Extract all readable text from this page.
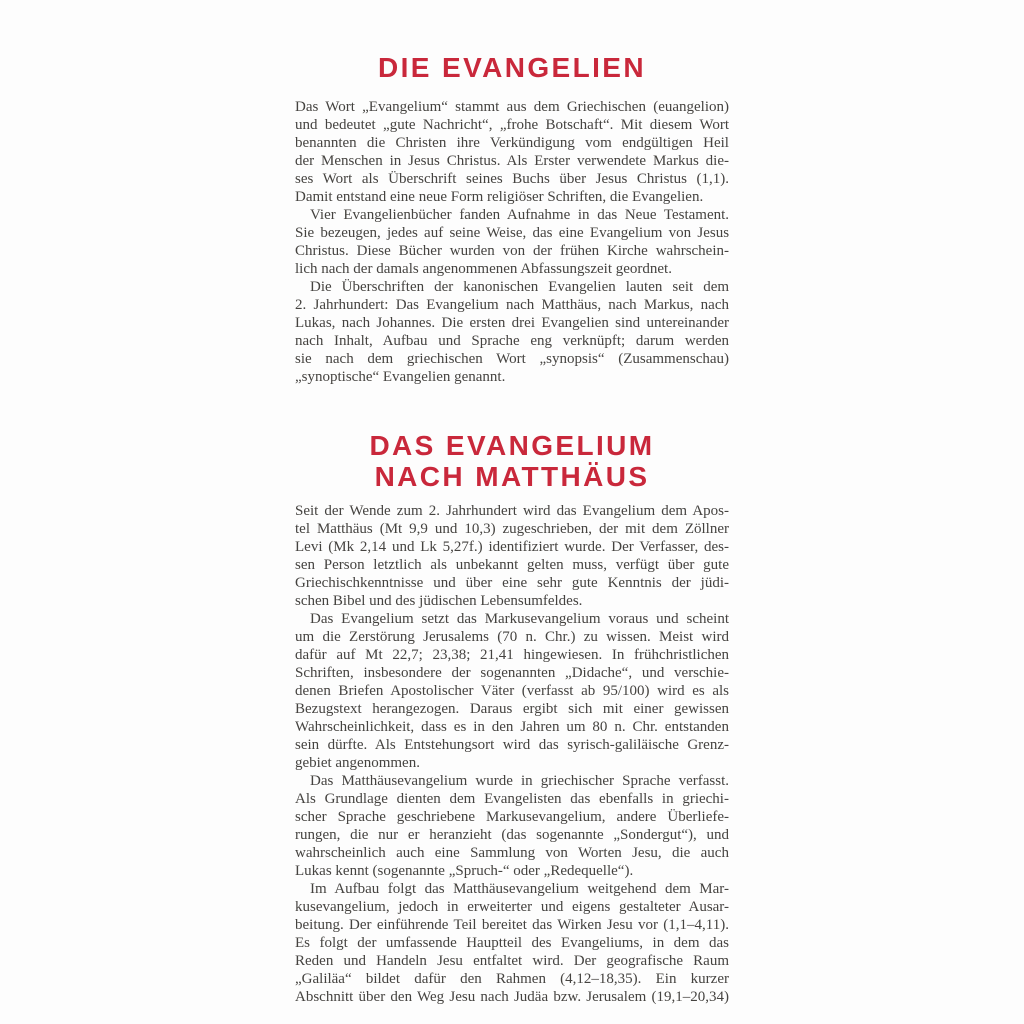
DIE EVANGELIEN
Das Wort „Evangelium“ stammt aus dem Griechischen (euangelion)
und bedeutet „gute Nachricht“, „frohe Botschaft“. Mit diesem Wort
benannten die Christen ihre Verkündigung vom endgültigen Heil
der Menschen in Jesus Christus. Als Erster verwendete Markus die-
ses Wort als Überschrift seines Buchs über Jesus Christus (1,1).
Damit entstand eine neue Form religiöser Schriften, die Evangelien.
Vier Evangelienbücher fanden Aufnahme in das Neue Testament.
Sie bezeugen, jedes auf seine Weise, das eine Evangelium von Jesus
Christus. Diese Bücher wurden von der frühen Kirche wahrschein-
lich nach der damals angenommenen Abfassungszeit geordnet.
Die Überschriften der kanonischen Evangelien lauten seit dem
2. Jahrhundert: Das Evangelium nach Matthäus, nach Markus, nach
Lukas, nach Johannes. Die ersten drei Evangelien sind untereinander
nach Inhalt, Aufbau und Sprache eng verknüpft; darum werden
sie nach dem griechischen Wort „synopsis“ (Zusammenschau)
„synoptische“ Evangelien genannt.
DAS EVANGELIUM
NACH MATTHÄUS
Seit der Wende zum 2. Jahrhundert wird das Evangelium dem Apos-
tel Matthäus (Mt 9,9 und 10,3) zugeschrieben, der mit dem Zöllner
Levi (Mk 2,14 und Lk 5,27f.) identifiziert wurde. Der Verfasser, des-
sen Person letztlich als unbekannt gelten muss, verfügt über gute
Griechischkenntnisse und über eine sehr gute Kenntnis der jüdi-
schen Bibel und des jüdischen Lebensumfeldes.
Das Evangelium setzt das Markusevangelium voraus und scheint
um die Zerstörung Jerusalems (70 n. Chr.) zu wissen. Meist wird
dafür auf Mt 22,7; 23,38; 21,41 hingewiesen. In frühchristlichen
Schriften, insbesondere der sogenannten „Didache“, und verschie-
denen Briefen Apostolischer Väter (verfasst ab 95/100) wird es als
Bezugstext herangezogen. Daraus ergibt sich mit einer gewissen
Wahrscheinlichkeit, dass es in den Jahren um 80 n. Chr. entstanden
sein dürfte. Als Entstehungsort wird das syrisch-galiläische Grenz-
gebiet angenommen.
Das Matthäusevangelium wurde in griechischer Sprache verfasst.
Als Grundlage dienten dem Evangelisten das ebenfalls in griechi-
scher Sprache geschriebene Markusevangelium, andere Überliefe-
rungen, die nur er heranzieht (das sogenannte „Sondergut“), und
wahrscheinlich auch eine Sammlung von Worten Jesu, die auch
Lukas kennt (sogenannte „Spruch-“ oder „Redequelle“).
Im Aufbau folgt das Matthäusevangelium weitgehend dem Mar-
kusevangelium, jedoch in erweiterter und eigens gestalteter Ausar-
beitung. Der einführende Teil bereitet das Wirken Jesu vor (1,1–4,11).
Es folgt der umfassende Hauptteil des Evangeliums, in dem das
Reden und Handeln Jesu entfaltet wird. Der geografische Raum
„Galiläa“ bildet dafür den Rahmen (4,12–18,35). Ein kurzer
Abschnitt über den Weg Jesu nach Judäa bzw. Jerusalem (19,1–20,34)
